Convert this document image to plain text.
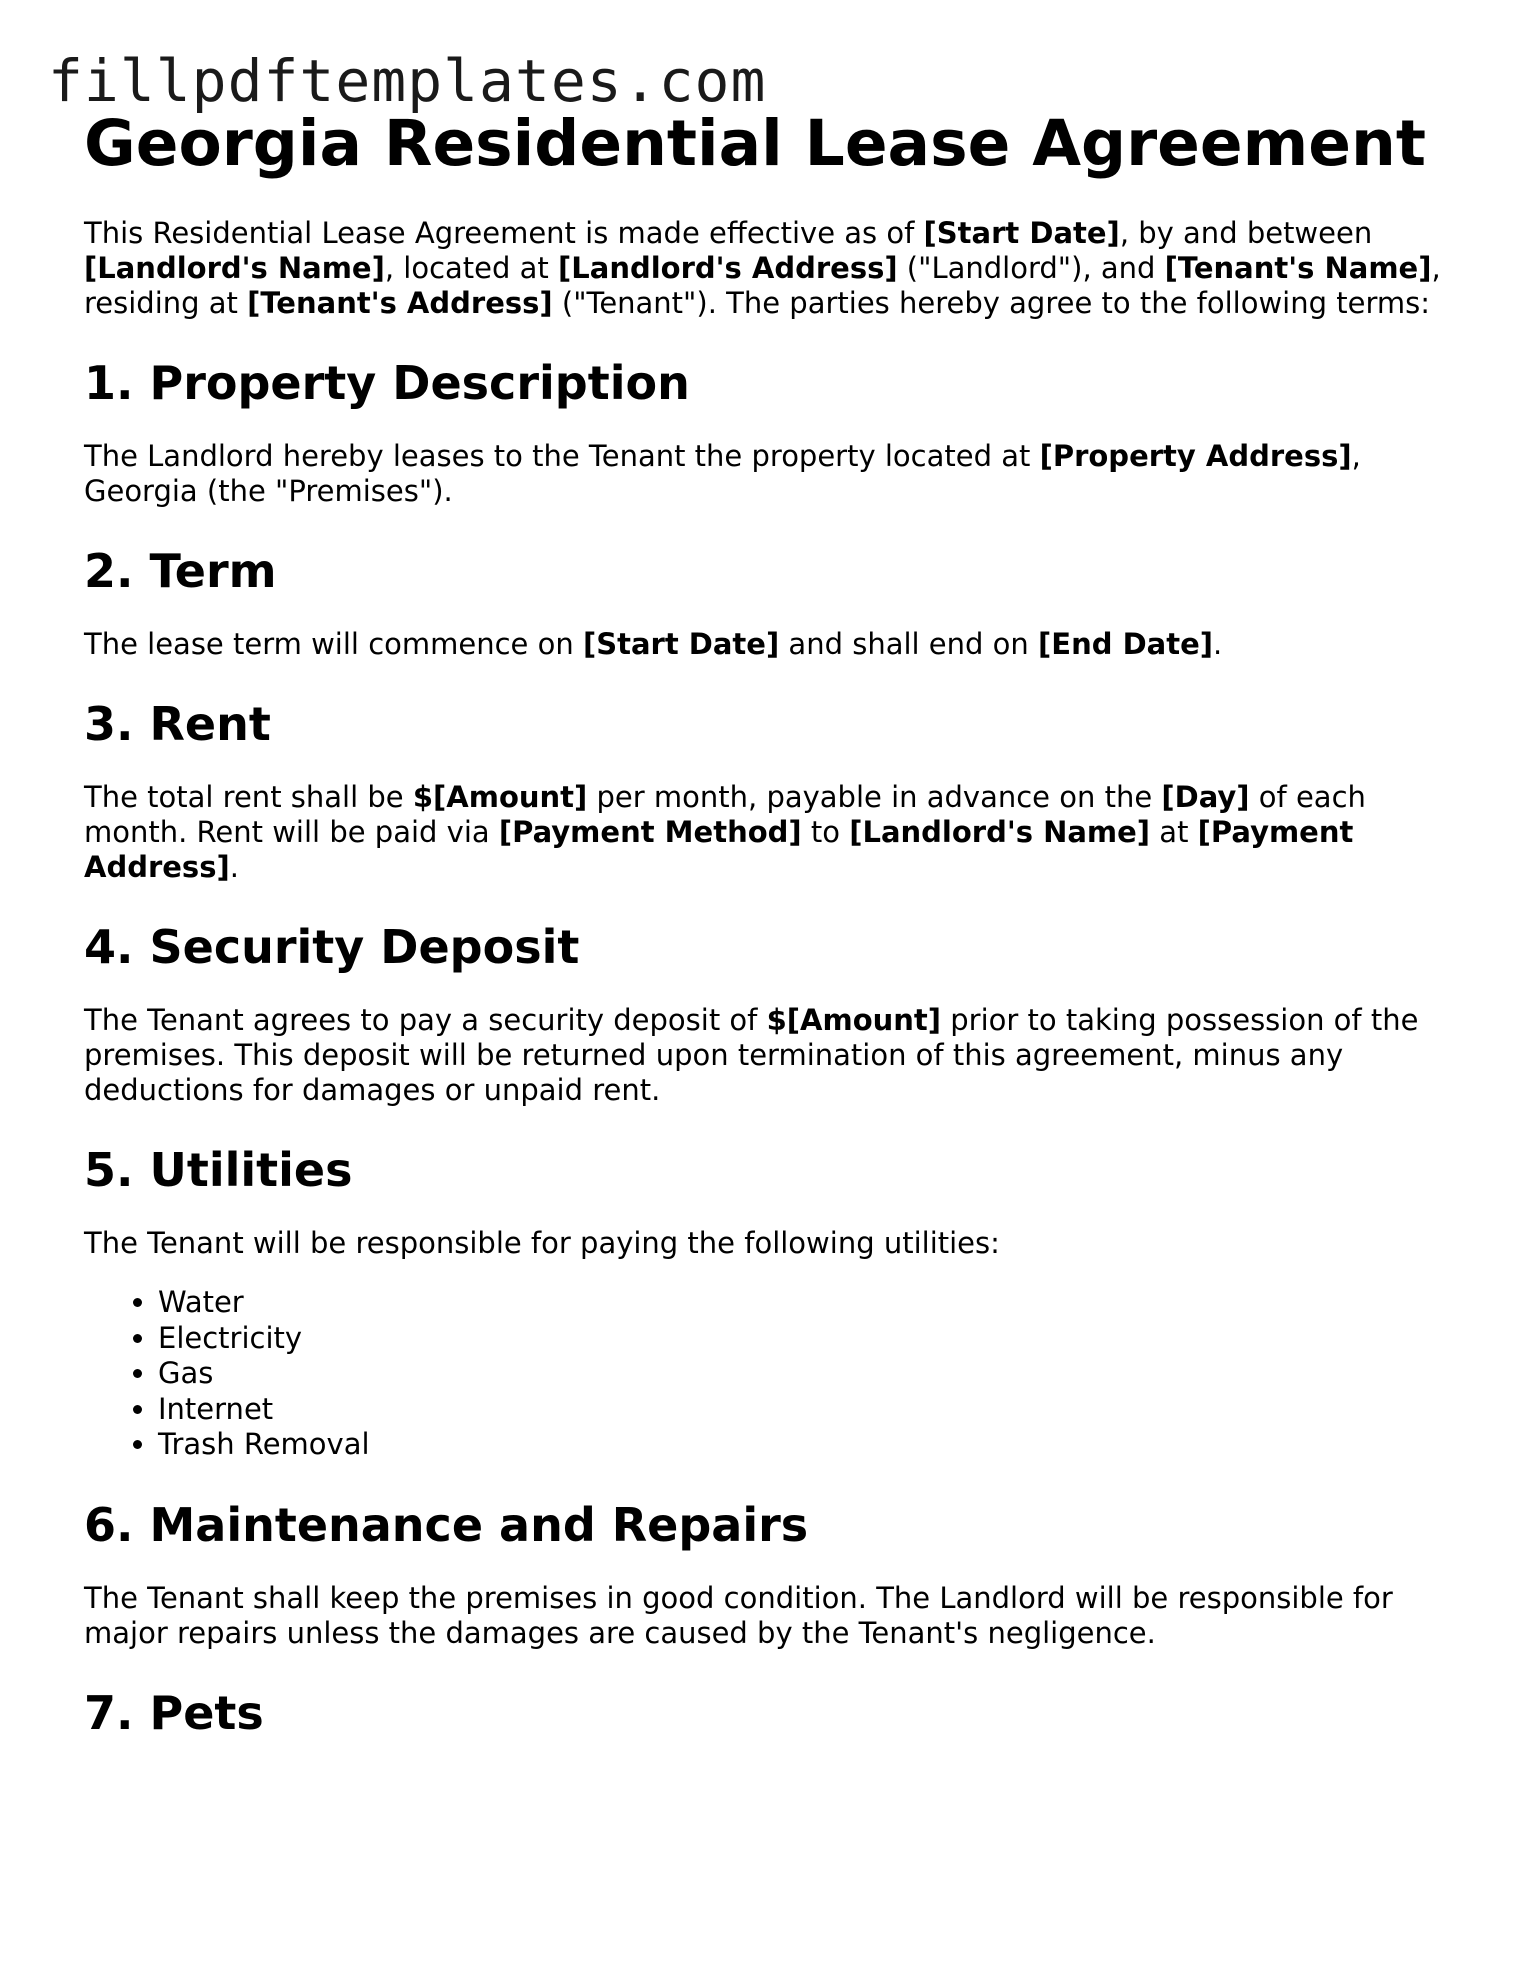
fillpdftemplates.com
Georgia Residential Lease Agreement

This Residential Lease Agreement is made effective as of [Start Date], by and between [Landlord's Name], located at [Landlord's Address] ("Landlord"), and [Tenant's Name], residing at [Tenant's Address] ("Tenant"). The parties hereby agree to the following terms:

1. Property Description

The Landlord hereby leases to the Tenant the property located at [Property Address], Georgia (the "Premises").

2. Term

The lease term will commence on [Start Date] and shall end on [End Date].

3. Rent

The total rent shall be $[Amount] per month, payable in advance on the [Day] of each month. Rent will be paid via [Payment Method] to [Landlord's Name] at [Payment Address].

4. Security Deposit

The Tenant agrees to pay a security deposit of $[Amount] prior to taking possession of the premises. This deposit will be returned upon termination of this agreement, minus any deductions for damages or unpaid rent.

5. Utilities

The Tenant will be responsible for paying the following utilities:

• Water
• Electricity
• Gas
• Internet
• Trash Removal
6. Maintenance and Repairs

The Tenant shall keep the premises in good condition. The Landlord will be responsible for major repairs unless the damages are caused by the Tenant's negligence.

7. Pets
